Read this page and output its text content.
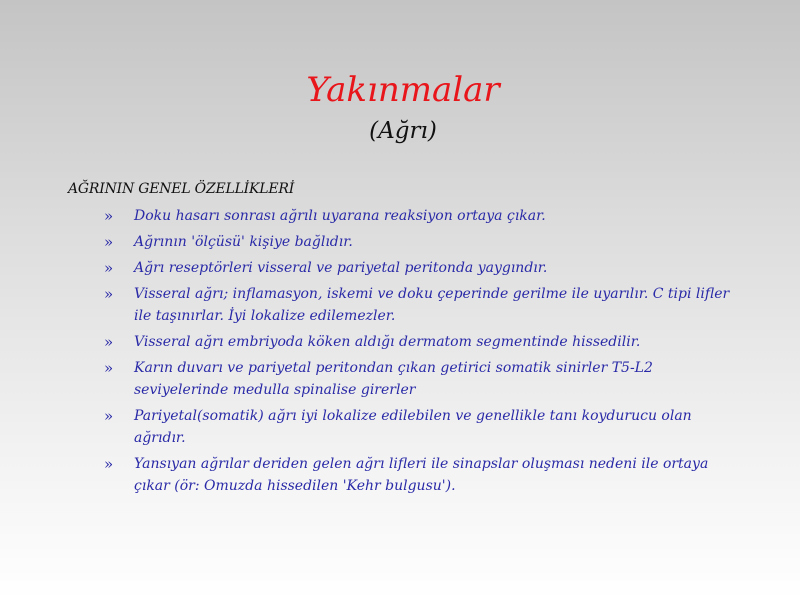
Yakınmalar
(Ağrı)
AĞRININ GENEL ÖZELLİKLERİ
» Doku hasarı sonrası ağrılı uyarana reaksiyon ortaya çıkar.
» Ağrının 'ölçüsü' kişiye bağlıdır.
» Ağrı reseptörleri visseral ve pariyetal peritonda yaygındır.
» Visseral ağrı; inflamasyon, iskemi ve doku çeperinde gerilme ile uyarılır. C tipi lifler ile taşınırlar. İyi lokalize edilemezler.
» Visseral ağrı embriyoda köken aldığı dermatom segmentinde hissedilir.
» Karın duvarı ve pariyetal peritondan çıkan getirici somatik sinirler T5-L2 seviyelerinde medulla spinalise girerler
» Pariyetal(somatik) ağrı iyi lokalize edilebilen ve genellikle tanı koydurucu olan ağrıdır.
» Yansıyan ağrılar deriden gelen ağrı lifleri ile sinapslar oluşması nedeni ile ortaya çıkar (ör: Omuzda hissedilen 'Kehr bulgusu').
